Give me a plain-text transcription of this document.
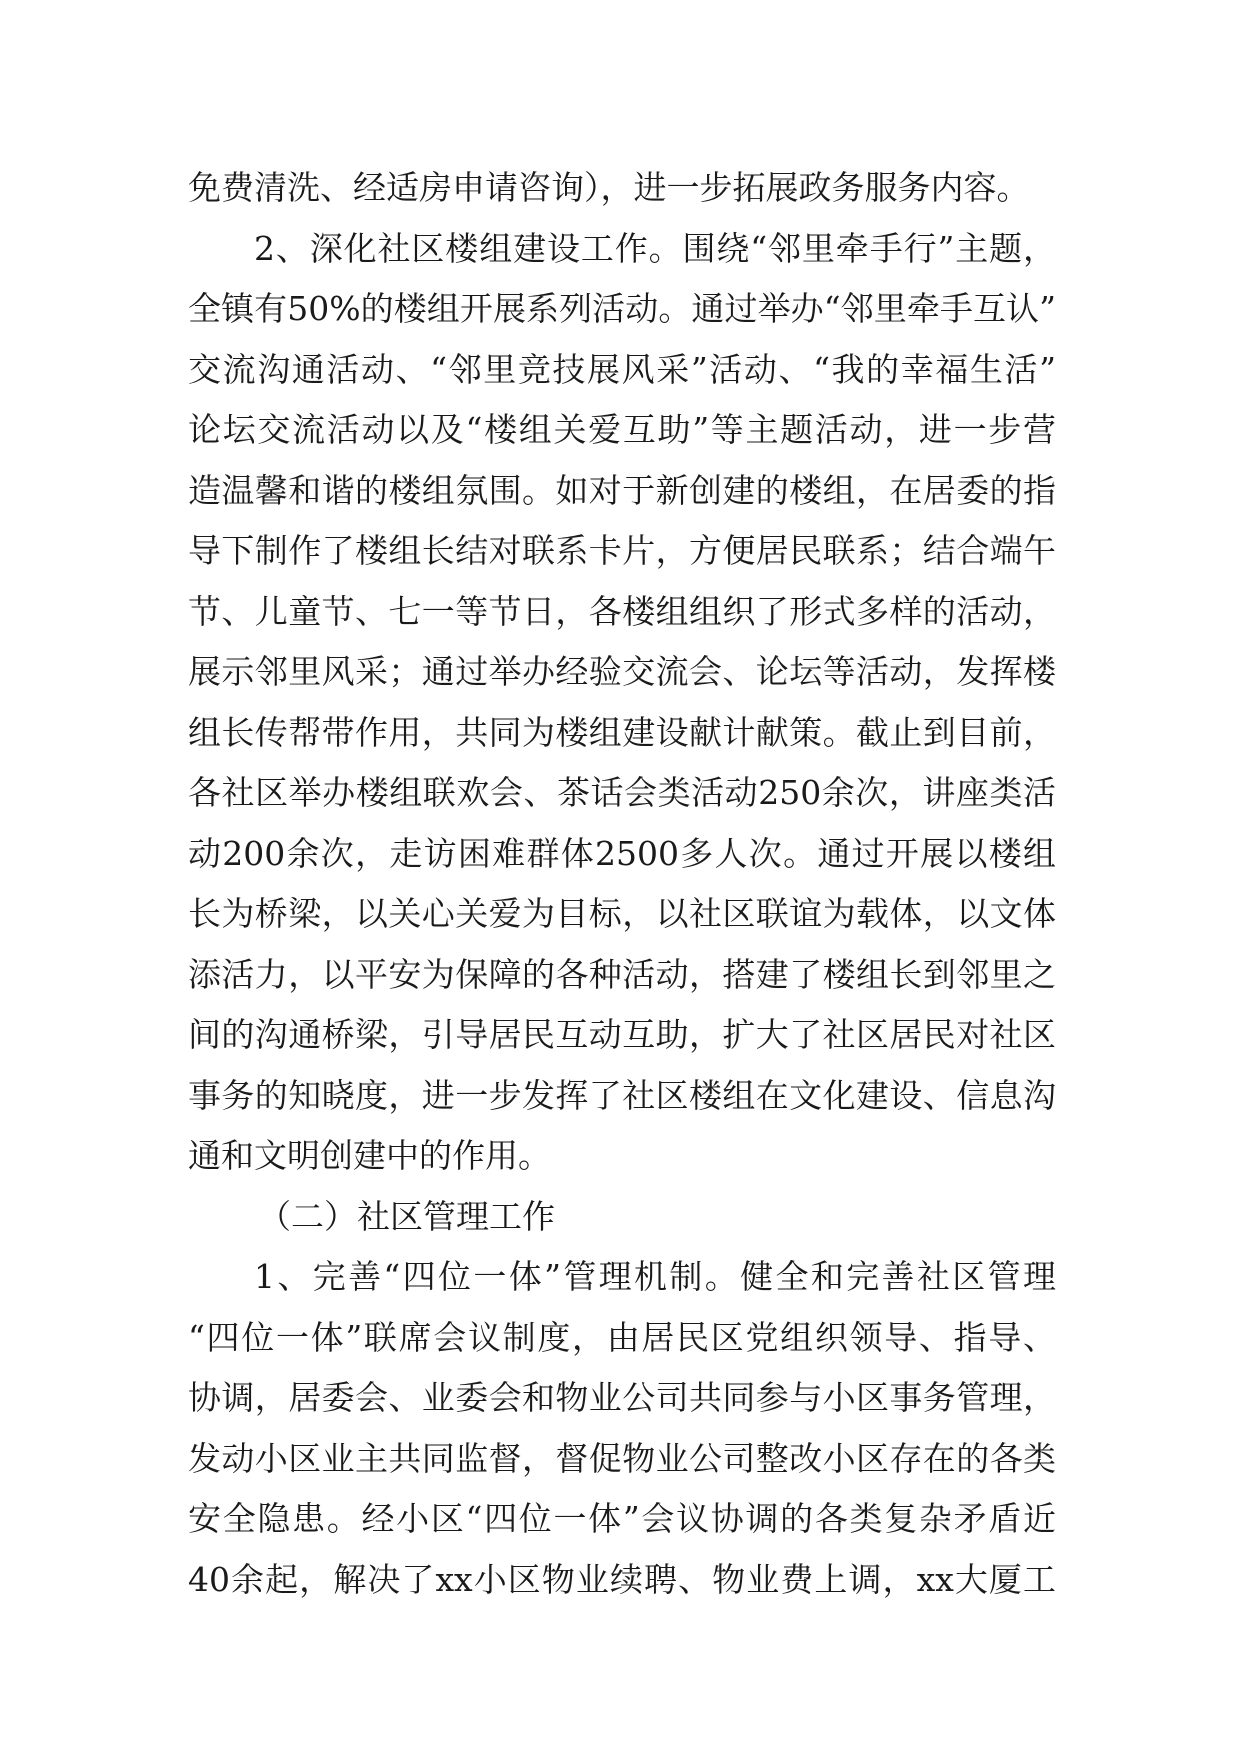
免费清洗、经适房申请咨询），进一步拓展政务服务内容。
2、深化社区楼组建设工作。围绕“邻里牵手行”主题，
全镇有50%的楼组开展系列活动。通过举办“邻里牵手互认”
交流沟通活动、“邻里竞技展风采”活动、“我的幸福生活”
论坛交流活动以及“楼组关爱互助”等主题活动，进一步营
造温馨和谐的楼组氛围。如对于新创建的楼组，在居委的指
导下制作了楼组长结对联系卡片，方便居民联系；结合端午
节、儿童节、七一等节日，各楼组组织了形式多样的活动，
展示邻里风采；通过举办经验交流会、论坛等活动，发挥楼
组长传帮带作用，共同为楼组建设献计献策。截止到目前，
各社区举办楼组联欢会、茶话会类活动250余次，讲座类活
动200余次，走访困难群体2500多人次。通过开展以楼组
长为桥梁，以关心关爱为目标，以社区联谊为载体，以文体
添活力，以平安为保障的各种活动，搭建了楼组长到邻里之
间的沟通桥梁，引导居民互动互助，扩大了社区居民对社区
事务的知晓度，进一步发挥了社区楼组在文化建设、信息沟
通和文明创建中的作用。
（二）社区管理工作
1、完善“四位一体”管理机制。健全和完善社区管理
“四位一体”联席会议制度，由居民区党组织领导、指导、
协调，居委会、业委会和物业公司共同参与小区事务管理，
发动小区业主共同监督，督促物业公司整改小区存在的各类
安全隐患。经小区“四位一体”会议协调的各类复杂矛盾近
40余起，解决了xx小区物业续聘、物业费上调，xx大厦工
